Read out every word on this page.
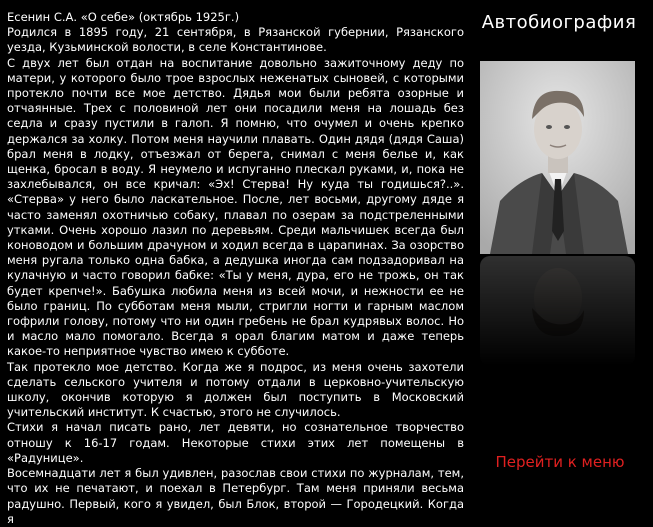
Есенин С.А. «О себе» (октябрь 1925г.)

Родился в 1895 году, 21 сентября, в Рязанской губернии, Рязанского уезда, Кузьминской волости, в селе Константинове.

С двух лет был отдан на воспитание довольно зажиточному деду по матери, у которого было трое взрослых неженатых сыновей, с которыми протекло почти все мое детство. Дядья мои были ребята озорные и отчаянные. Трех с половиной лет они посадили меня на лошадь без седла и сразу пустили в галоп. Я помню, что очумел и очень крепко держался за холку. Потом меня научили плавать. Один дядя (дядя Саша) брал меня в лодку, отъезжал от берега, снимал с меня белье и, как щенка, бросал в воду. Я неумело и испуганно плескал руками, и, пока не захлебывался, он все кричал: «Эх! Стерва! Ну куда ты годишься?..». «Стерва» у него было ласкательное. После, лет восьми, другому дяде я часто заменял охотничью собаку, плавал по озерам за подстреленными утками. Очень хорошо лазил по деревьям. Среди мальчишек всегда был коноводом и большим драчуном и ходил всегда в царапинах. За озорство меня ругала только одна бабка, а дедушка иногда сам подзадоривал на кулачную и часто говорил бабке: «Ты у меня, дура, его не трожь, он так будет крепче!». Бабушка любила меня из всей мочи, и нежности ее не было границ. По субботам меня мыли, стригли ногти и гарным маслом гофрили голову, потому что ни один гребень не брал кудрявых волос. Но и масло мало помогало. Всегда я орал благим матом и даже теперь какое-то неприятное чувство имею к субботе.

Так протекло мое детство. Когда же я подрос, из меня очень захотели сделать сельского учителя и потому отдали в церковно-учительскую школу, окончив которую я должен был поступить в Московский учительский институт. К счастью, этого не случилось.

Стихи я начал писать рано, лет девяти, но сознательное творчество отношу к 16-17 годам. Некоторые стихи этих лет помещены в «Радунице».

Восемнадцати лет я был удивлен, разослав свои стихи по журналам, тем, что их не печатают, и поехал в Петербург. Там меня приняли весьма радушно. Первый, кого я увидел, был Блок, второй — Городецкий. Когда я

Автобиография
Перейти к меню
